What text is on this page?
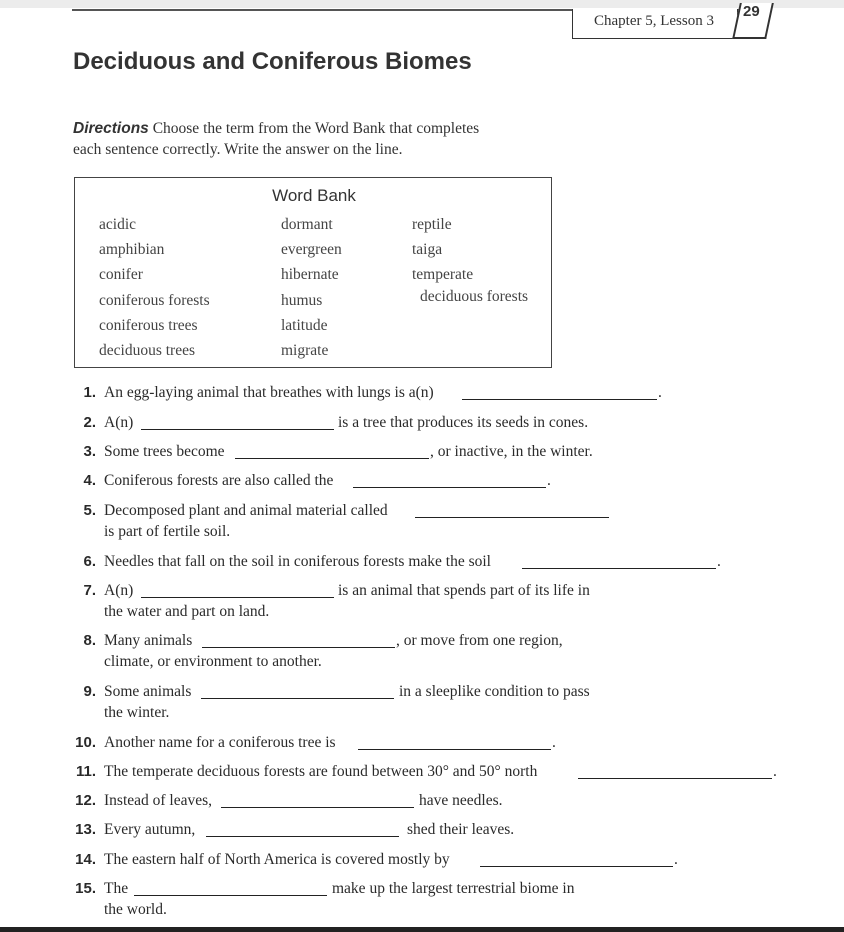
Chapter 5, Lesson 3
29
Deciduous and Coniferous Biomes
Directions Choose the term from the Word Bank that completes
each sentence correctly. Write the answer on the line.
Word Bank
acidic
amphibian
conifer
coniferous forests
coniferous trees
deciduous trees
dormant
evergreen
hibernate
humus
latitude
migrate
reptile
taiga
temperate
deciduous forests
1. An egg-laying animal that breathes with lungs is a(n)	.
2. A(n)	is a tree that produces its seeds in cones.
3. Some trees become	, or inactive, in the winter.
4. Coniferous forests are also called the	.
5. Decomposed plant and animal material called
is part of fertile soil.
6. Needles that fall on the soil in coniferous forests make the soil	.
7. A(n)	is an animal that spends part of its life in
the water and part on land.
8. Many animals	, or move from one region,
climate, or environment to another.
9. Some animals	in a sleeplike condition to pass
the winter.
10. Another name for a coniferous tree is	.
11. The temperate deciduous forests are found between 30° and 50° north	.
12. Instead of leaves,	have needles.
13. Every autumn,	shed their leaves.
14. The eastern half of North America is covered mostly by	.
15. The	make up the largest terrestrial biome in
the world.
